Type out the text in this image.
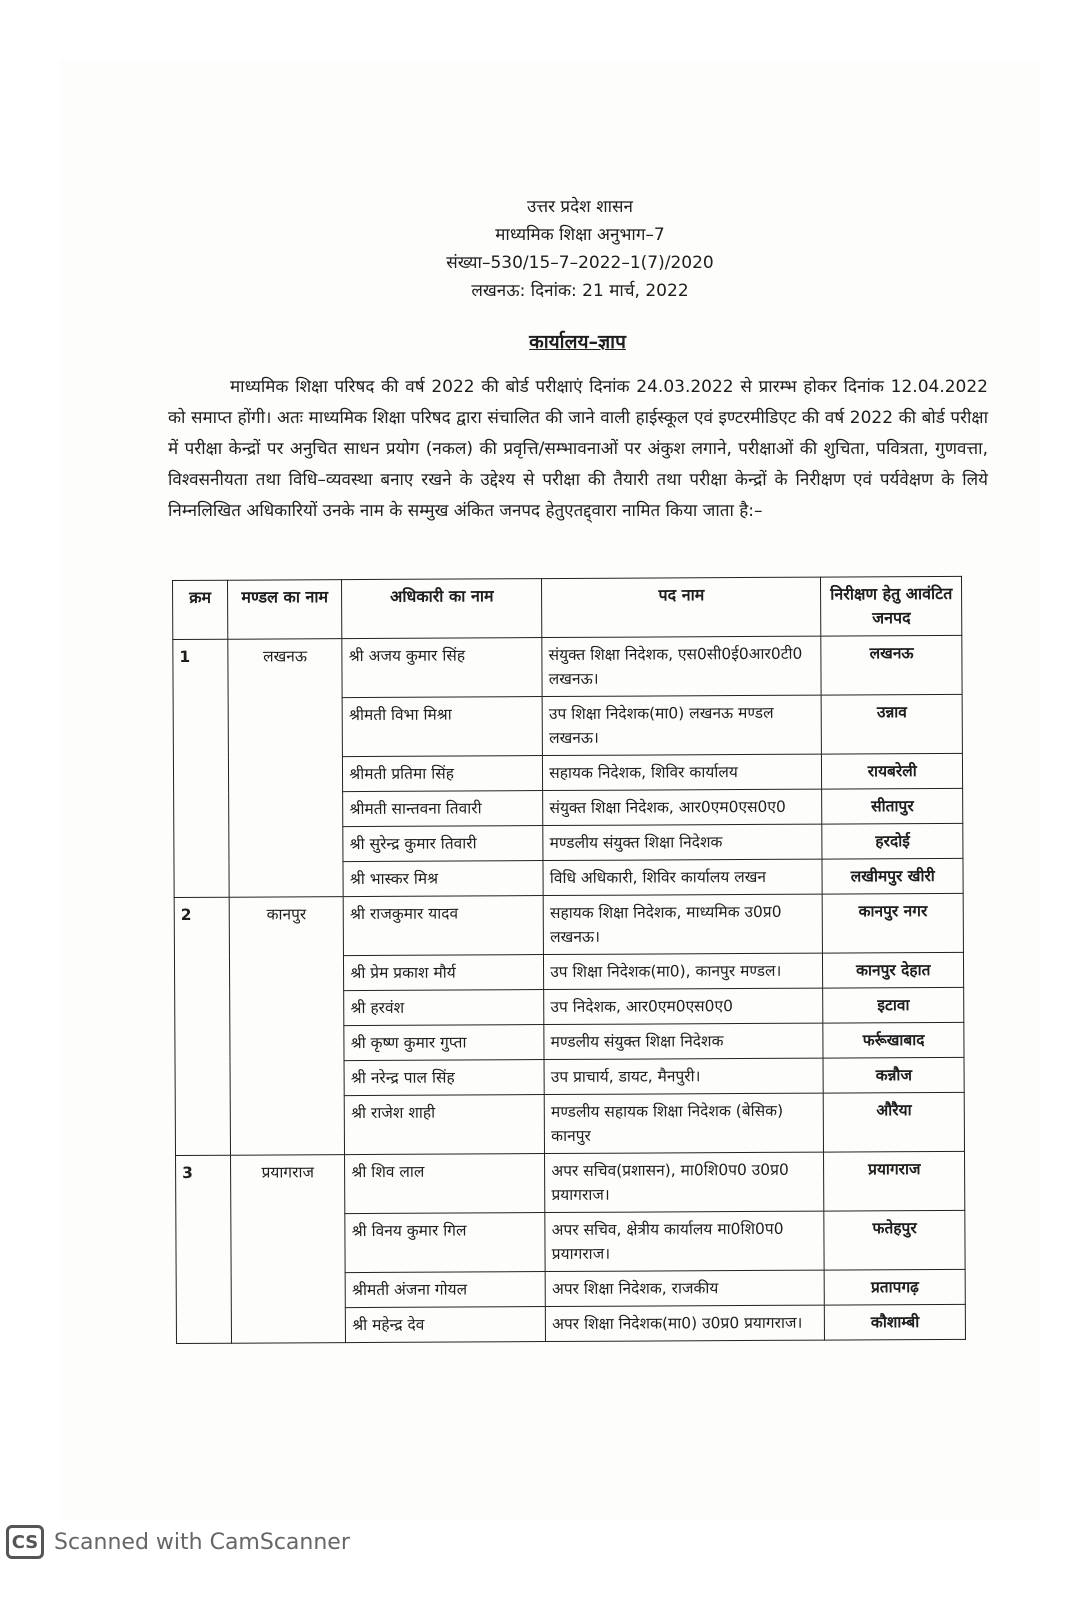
उत्तर प्रदेश शासन
माध्यमिक शिक्षा अनुभाग–7
संख्या–530/15–7–2022–1(7)/2020
लखनऊ: दिनांक: 21 मार्च, 2022
कार्यालय–ज्ञाप
माध्यमिक शिक्षा परिषद की वर्ष 2022 की बोर्ड परीक्षाएं दिनांक 24.03.2022 से प्रारम्भ होकर दिनांक 12.04.2022 को समाप्त होंगी। अतः माध्यमिक शिक्षा परिषद द्वारा संचालित की जाने वाली हाईस्कूल एवं इण्टरमीडिएट की वर्ष 2022 की बोर्ड परीक्षा में परीक्षा केन्द्रों पर अनुचित साधन प्रयोग (नकल) की प्रवृत्ति/सम्भावनाओं पर अंकुश लगाने, परीक्षाओं की शुचिता, पवित्रता, गुणवत्ता, विश्वसनीयता तथा विधि–व्यवस्था बनाए रखने के उद्देश्य से परीक्षा की तैयारी तथा परीक्षा केन्द्रों के निरीक्षण एवं पर्यवेक्षण के लिये निम्नलिखित अधिकारियों उनके नाम के सम्मुख अंकित जनपद हेतुएतद्द्वारा नामित किया जाता है:–
क्रम	मण्डल का नाम	अधिकारी का नाम	पद नाम	निरीक्षण हेतु आवंटित जनपद
1	लखनऊ	श्री अजय कुमार सिंह	संयुक्त शिक्षा निदेशक, एस0सी0ई0आर0टी0 लखनऊ।	लखनऊ
		श्रीमती विभा मिश्रा	उप शिक्षा निदेशक(मा0) लखनऊ मण्डल लखनऊ।	उन्नाव
		श्रीमती प्रतिमा सिंह	सहायक निदेशक, शिविर कार्यालय	रायबरेली
		श्रीमती सान्तवना तिवारी	संयुक्त शिक्षा निदेशक, आर0एम0एस0ए0	सीतापुर
		श्री सुरेन्द्र कुमार तिवारी	मण्डलीय संयुक्त शिक्षा निदेशक	हरदोई
		श्री भास्कर मिश्र	विधि अधिकारी, शिविर कार्यालय लखन	लखीमपुर खीरी
2	कानपुर	श्री राजकुमार यादव	सहायक शिक्षा निदेशक, माध्यमिक उ0प्र0 लखनऊ।	कानपुर नगर
		श्री प्रेम प्रकाश मौर्य	उप शिक्षा निदेशक(मा0), कानपुर मण्डल।	कानपुर देहात
		श्री हरवंश	उप निदेशक, आर0एम0एस0ए0	इटावा
		श्री कृष्ण कुमार गुप्ता	मण्डलीय संयुक्त शिक्षा निदेशक	फर्रूखाबाद
		श्री नरेन्द्र पाल सिंह	उप प्राचार्य, डायट, मैनपुरी।	कन्नौज
		श्री राजेश शाही	मण्डलीय सहायक शिक्षा निदेशक (बेसिक) कानपुर	औरैया
3	प्रयागराज	श्री शिव लाल	अपर सचिव(प्रशासन), मा0शि0प0 उ0प्र0 प्रयागराज।	प्रयागराज
		श्री विनय कुमार गिल	अपर सचिव, क्षेत्रीय कार्यालय मा0शि0प0 प्रयागराज।	फतेहपुर
		श्रीमती अंजना गोयल	अपर शिक्षा निदेशक, राजकीय	प्रतापगढ़
		श्री महेन्द्र देव	अपर शिक्षा निदेशक(मा0) उ0प्र0 प्रयागराज।	कौशाम्बी
CS Scanned with CamScanner
